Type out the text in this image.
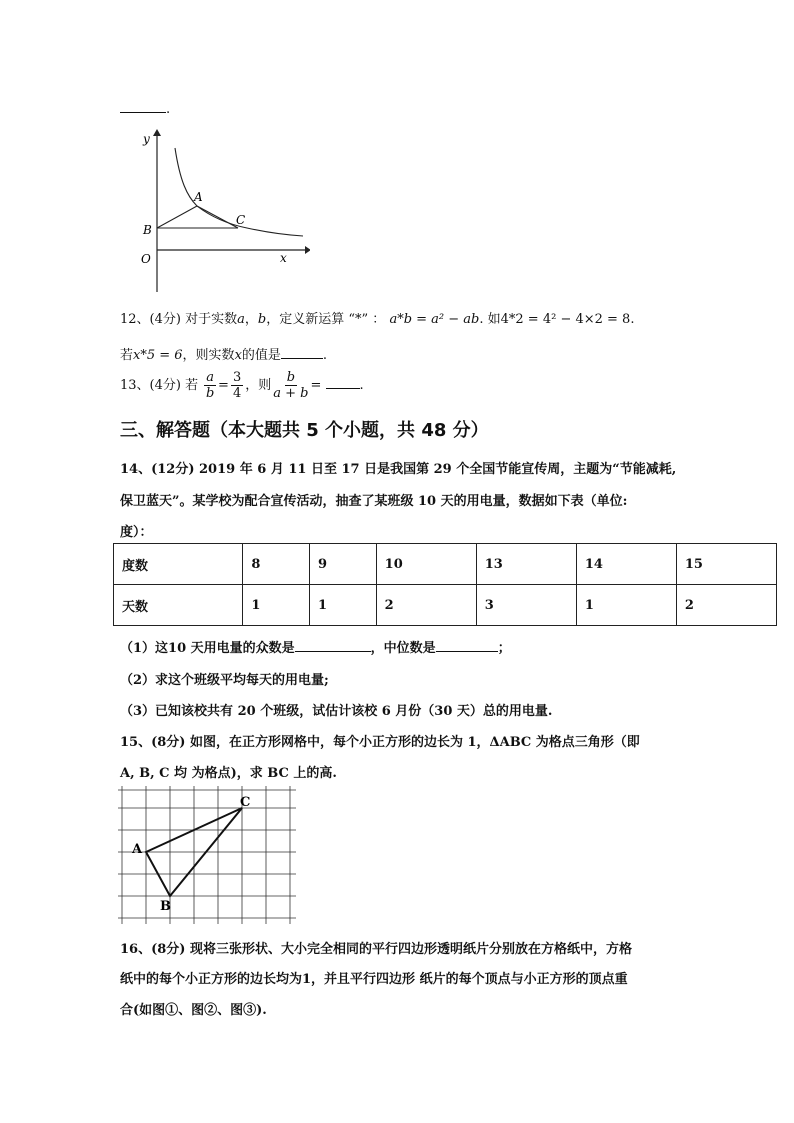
.
y
x
O
A
B
C
12、(4分) 对于实数a，b，定义新运算 “*” ： a*b = a² − ab. 如4*2 = 4² − 4×2 = 8.
若x*5 = 6，则实数x的值是	.
13、(4分) 若 $\frac{a}{b} = \frac{3}{4}$ ，则 $\frac{b}{a + b}$ =	.
三、解答题（本大题共 5 个小题，共 48 分）
14、(12分) 2019 年 6 月 11 日至 17 日是我国第 29 个全国节能宣传周，主题为“节能减耗,
保卫蓝天”。某学校为配合宣传活动，抽查了某班级 10 天的用电量，数据如下表（单位:
度）：
度数	8	9	10	13	14	15
天数	1	1	2	3	1	2
（1）这10 天用电量的众数是	，中位数是	；
（2）求这个班级平均每天的用电量;
（3）已知该校共有 20 个班级，试估计该校 6 月份（30 天）总的用电量.
15、(8分) 如图，在正方形网格中，每个小正方形的边长为 1，ΔABC 为格点三角形（即
A, B, C 均 为格点)，求 BC 上的高.
A
B
C
16、(8分) 现将三张形状、大小完全相同的平行四边形透明纸片分别放在方格纸中，方格
纸中的每个小正方形的边长均为1，并且平行四边形 纸片的每个顶点与小正方形的顶点重
合(如图①、图②、图③).
